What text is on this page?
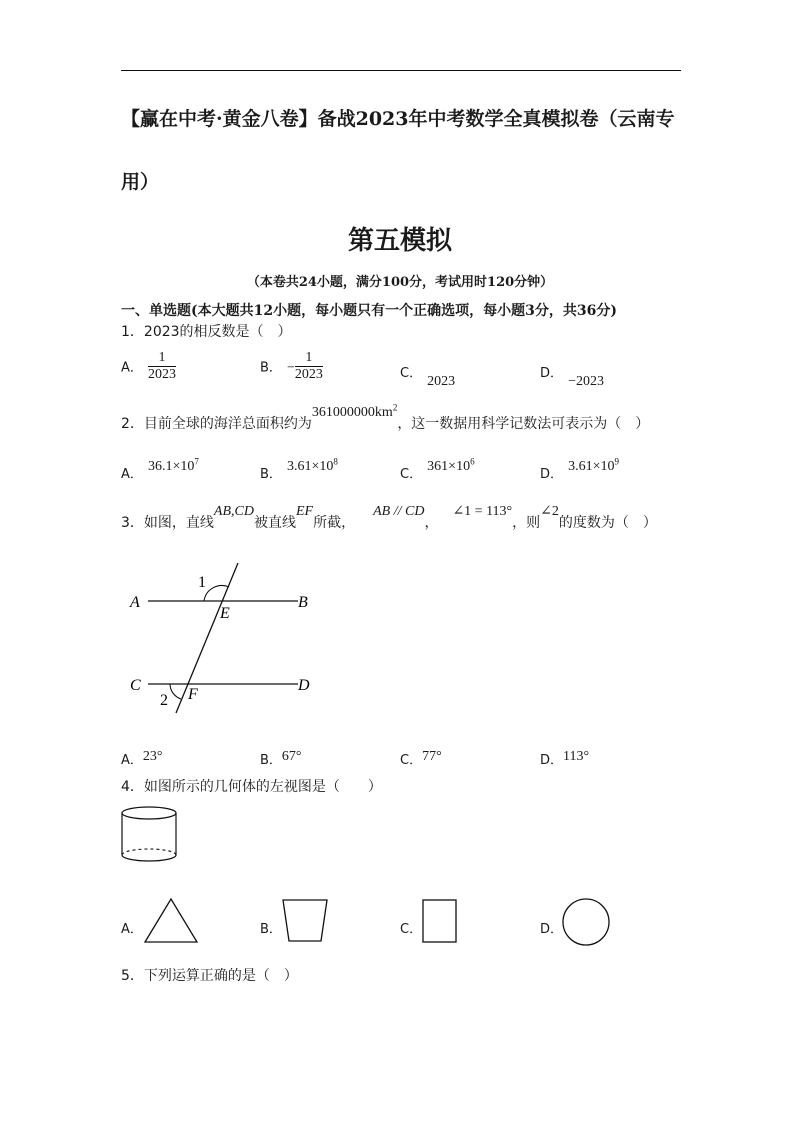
【赢在中考·黄金八卷】备战2023年中考数学全真模拟卷（云南专
用）
第五模拟
（本卷共24小题，满分100分，考试用时120分钟）
一、单选题(本大题共12小题，每小题只有一个正确选项，每小题3分，共36分)
1．2023的相反数是（　）
A． $\frac{1}{2023}$	B． − $\frac{1}{2023}$	C． 2023
D． −2023
2．目前全球的海洋总面积约为$361000000km^2$，这一数据用科学记数法可表示为（　）
$_{A.}$ $36.1\times 10^7$
$_{B.}$ $3.61\times 10^8$
$_{C.}$ $361\times 10^6$
$_{D.}$ $3.61\times 10^9$
3．如图，直线AB,CD被直线EF所截，AB // CD，∠1 = 113°，则∠2的度数为（　）
A	B
E
1
C	D
F
2
$_{A.}$23°	$_{B.}$67°	$_{C.}$77°	$_{D.}$113°
4．如图所示的几何体的左视图是（　　）
A．	B．	C．	D．
5．下列运算正确的是（　）
